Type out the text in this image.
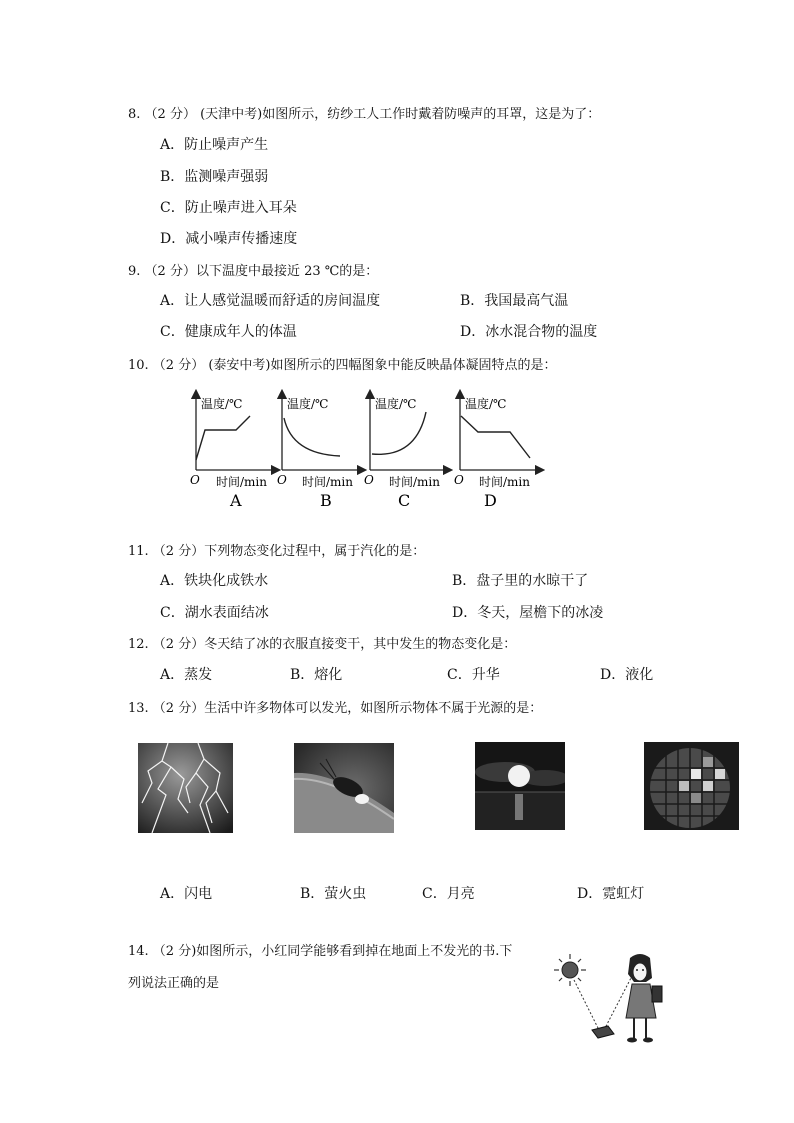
8. （2 分） (天津中考)如图所示，纺纱工人工作时戴着防噪声的耳罩，这是为了：
A．防止噪声产生
B．监测噪声强弱
C．防止噪声进入耳朵
D．减小噪声传播速度
9. （2 分）以下温度中最接近 23 ℃的是：
A．让人感觉温暖而舒适的房间温度	B．我国最高气温
C．健康成年人的体温	D．冰水混合物的温度
10. （2 分） (泰安中考)如图所示的四幅图象中能反映晶体凝固特点的是：
温度/℃
时间/min
O
A
温度/℃
时间/min
O
B
温度/℃
时间/min
O
C
温度/℃
时间/min
O
D
11. （2 分）下列物态变化过程中，属于汽化的是：
A．铁块化成铁水	B．盘子里的水晾干了
C．湖水表面结冰	D．冬天，屋檐下的冰凌
12. （2 分）冬天结了冰的衣服直接变干，其中发生的物态变化是：
A．蒸发	B．熔化	C．升华	D．液化
13. （2 分）生活中许多物体可以发光，如图所示物体不属于光源的是：
A．闪电	B．萤火虫	C．月亮	D．霓虹灯
14. （2 分)如图所示，小红同学能够看到掉在地面上不发光的书.下
列说法正确的是
